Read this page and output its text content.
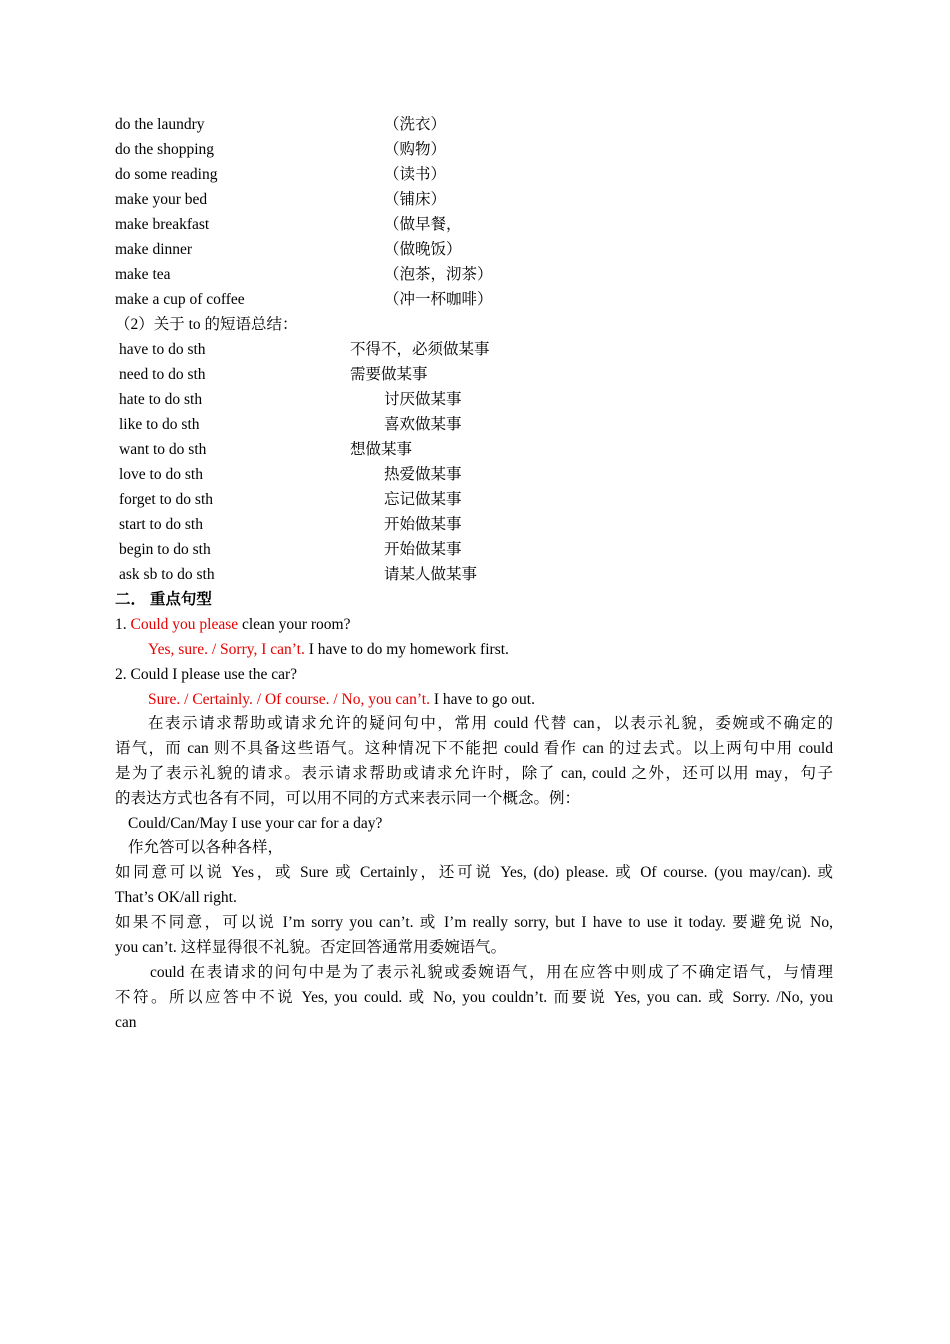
do the laundry	（洗衣）
do the shopping	（购物）
do some reading	（读书）
make your bed	（铺床）
make breakfast	（做早餐，
make dinner	（做晚饭）
make tea	（泡茶，沏茶）
make a cup of coffee	（冲一杯咖啡）
（2）关于 to 的短语总结：
have to do sth	不得不，必须做某事
need to do sth	需要做某事
hate to do sth	讨厌做某事
like to do sth	喜欢做某事
want to do sth	想做某事
love to do sth	热爱做某事
forget to do sth	忘记做某事
start to do sth	开始做某事
begin to do sth	开始做某事
ask sb to do sth	请某人做某事
二． 重点句型
1. Could you please clean your room?
Yes, sure. / Sorry, I can’t. I have to do my homework first.
2. Could I please use the car?
Sure. / Certainly. / Of course. / No, you can’t. I have to go out.
在表示请求帮助或请求允许的疑问句中，常用 could 代替 can，以表示礼貌，委婉或不确定的
语气，而 can 则不具备这些语气。这种情况下不能把 could 看作 can 的过去式。以上两句中用 could
是为了表示礼貌的请求。表示请求帮助或请求允许时，除了 can, could 之外，还可以用 may，句子
的表达方式也各有不同，可以用不同的方式来表示同一个概念。例：
Could/Can/May I use your car for a day?
作允答可以各种各样，
如同意可以说 Yes，或 Sure 或 Certainly，还可说 Yes, (do) please. 或 Of course. (you may/can). 或
That’s OK/all right.
如果不同意，可以说 I’m sorry you can’t. 或 I’m really sorry, but I have to use it today. 要避免说 No,
you can’t. 这样显得很不礼貌。否定回答通常用委婉语气。
could 在表请求的问句中是为了表示礼貌或委婉语气，用在应答中则成了不确定语气，与情理
不符。所以应答中不说 Yes, you could. 或 No, you couldn’t. 而要说 Yes, you can. 或 Sorry. /No, you
can
